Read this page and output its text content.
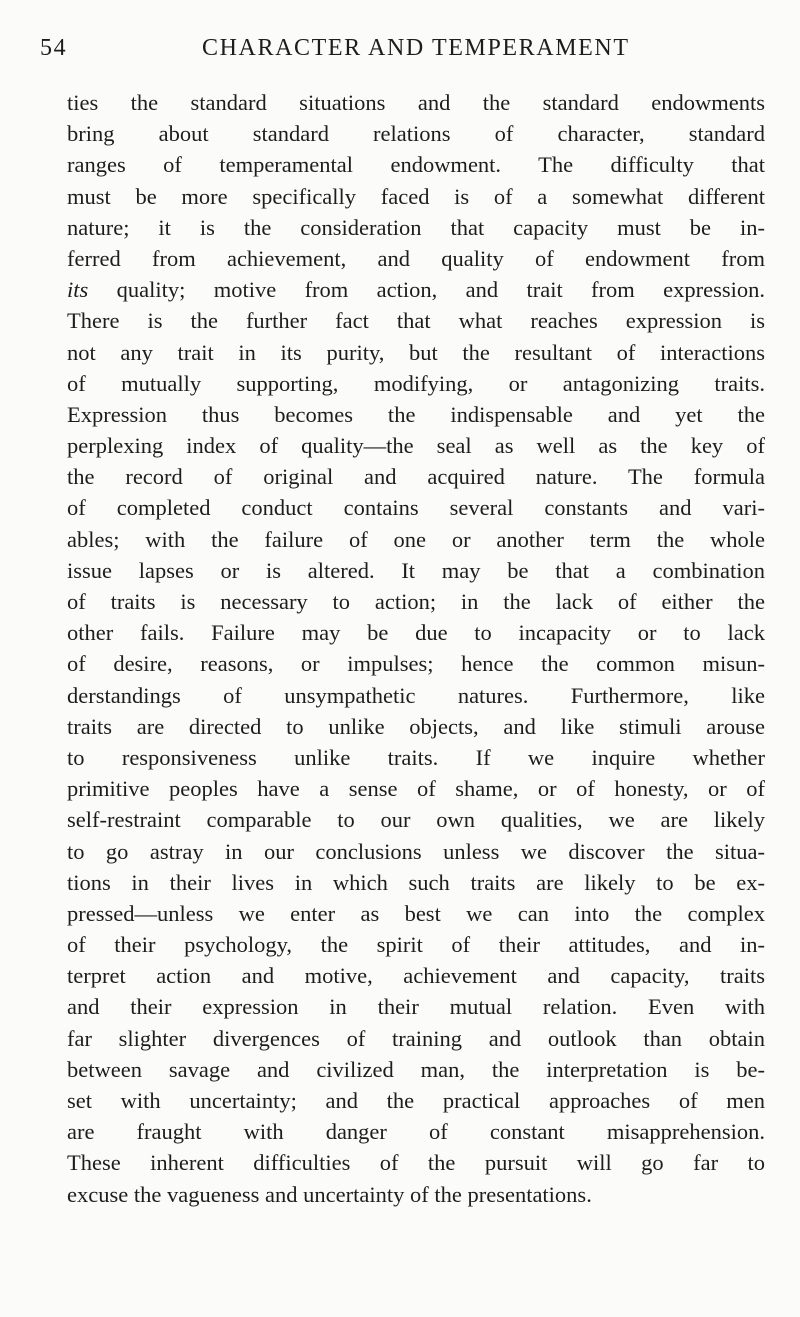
54	CHARACTER AND TEMPERAMENT
ties the standard situations and the standard endowments
bring about standard relations of character, standard
ranges of temperamental endowment. The difficulty that
must be more specifically faced is of a somewhat different
nature; it is the consideration that capacity must be in-
ferred from achievement, and quality of endowment from
its quality; motive from action, and trait from expression.
There is the further fact that what reaches expression is
not any trait in its purity, but the resultant of interactions
of mutually supporting, modifying, or antagonizing traits.
Expression thus becomes the indispensable and yet the
perplexing index of quality—the seal as well as the key of
the record of original and acquired nature. The formula
of completed conduct contains several constants and vari-
ables; with the failure of one or another term the whole
issue lapses or is altered. It may be that a combination
of traits is necessary to action; in the lack of either the
other fails. Failure may be due to incapacity or to lack
of desire, reasons, or impulses; hence the common misun-
derstandings of unsympathetic natures. Furthermore, like
traits are directed to unlike objects, and like stimuli arouse
to responsiveness unlike traits. If we inquire whether
primitive peoples have a sense of shame, or of honesty, or of
self-restraint comparable to our own qualities, we are likely
to go astray in our conclusions unless we discover the situa-
tions in their lives in which such traits are likely to be ex-
pressed—unless we enter as best we can into the complex
of their psychology, the spirit of their attitudes, and in-
terpret action and motive, achievement and capacity, traits
and their expression in their mutual relation. Even with
far slighter divergences of training and outlook than obtain
between savage and civilized man, the interpretation is be-
set with uncertainty; and the practical approaches of men
are fraught with danger of constant misapprehension.
These inherent difficulties of the pursuit will go far to
excuse the vagueness and uncertainty of the presentations.
